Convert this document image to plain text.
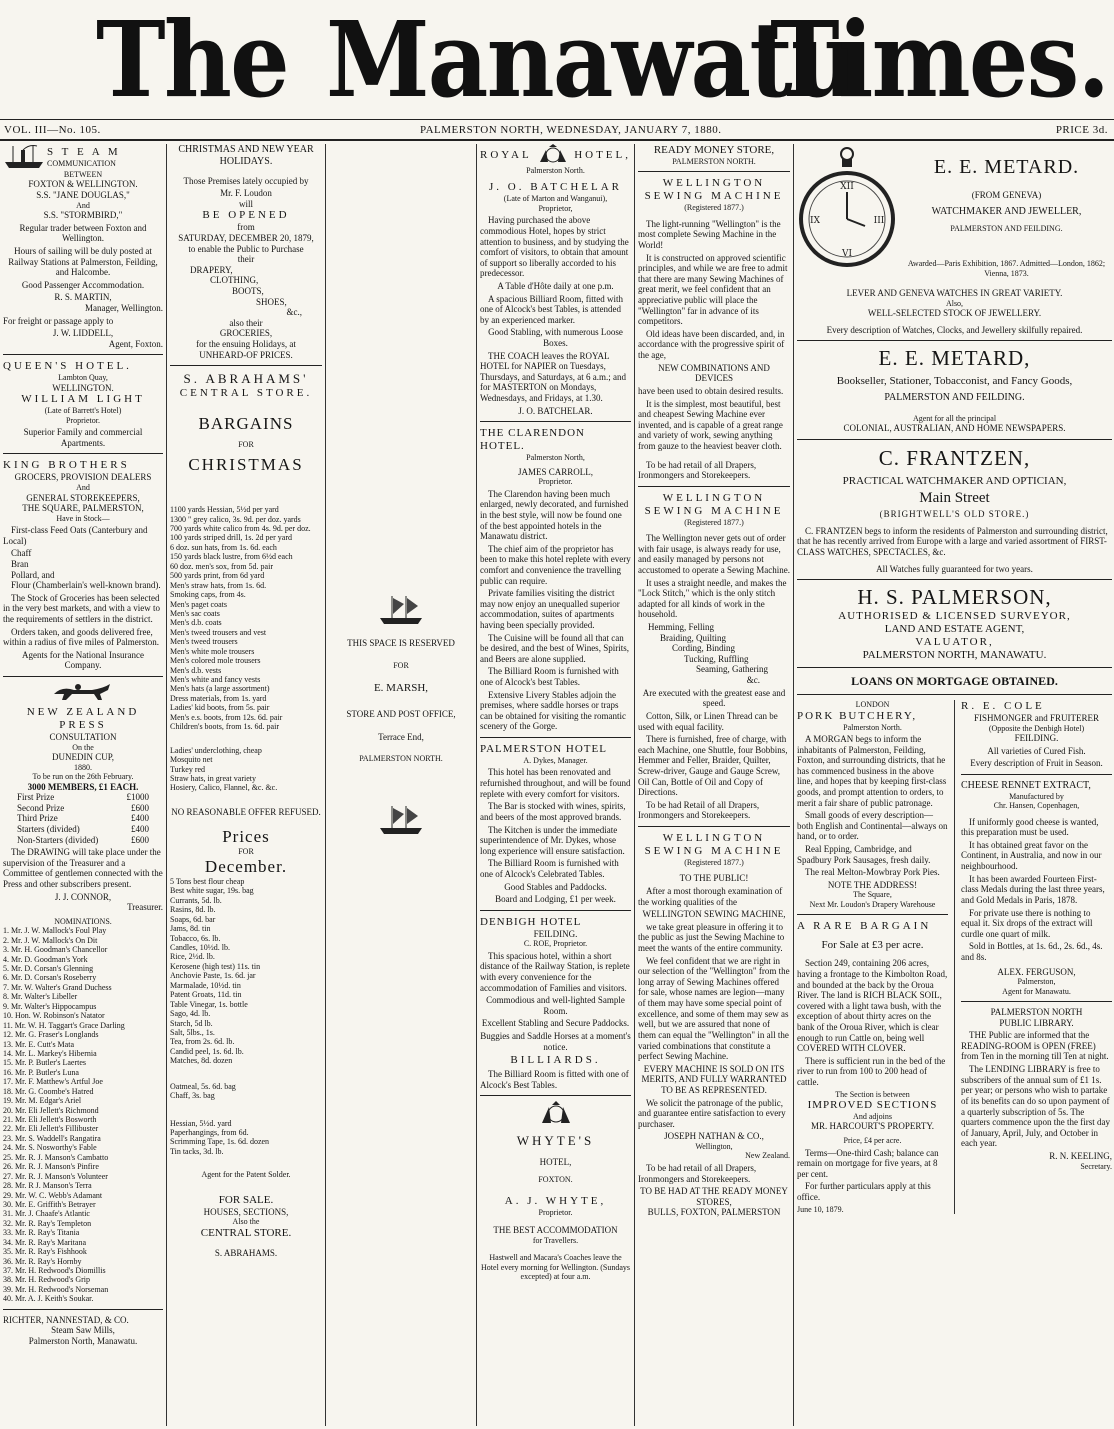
The Manawatu
Times.
VOL. III—No. 105.	PALMERSTON NORTH, WEDNESDAY, JANUARY 7, 1880.	PRICE 3d.
S T E A M
COMMUNICATION
BETWEEN
FOXTON & WELLINGTON.
S.S. "JANE DOUGLAS,"
And
S.S. "STORMBIRD,"

Regular trader between Foxton and Wellington.

Hours of sailing will be duly posted at Railway Stations at Palmerston, Feilding, and Halcombe.

Good Passenger Accommodation.

R. S. MARTIN,
Manager, Wellington.

For freight or passage apply to

J. W. LIDDELL,
Agent, Foxton.
QUEEN'S HOTEL.
Lambton Quay,
WELLINGTON.
WILLIAM LIGHT
(Late of Barrett's Hotel)
Proprietor.

Superior Family and commercial Apartments.

KING BROTHERS
GROCERS, PROVISION DEALERS
And
GENERAL STOREKEEPERS,
THE SQUARE, PALMERSTON,
Have in Stock—

First-class Feed Oats (Canterbury and Local)

Chaff
Bran
Pollard, and
Flour (Chamberlain's well-known brand).

The Stock of Groceries has been selected in the very best markets, and with a view to the requirements of settlers in the district.

Orders taken, and goods delivered free, within a radius of five miles of Palmerston.

Agents for the National Insurance Company.

NEW ZEALAND PRESS
CONSULTATION
On the
DUNEDIN CUP,
1880.
To be run on the 26th February.
3000 MEMBERS, £1 EACH.
First Prize	£1000
Second Prize	£600
Third Prize	£400
Starters (divided)	£400
Non-Starters (divided)	£600

The DRAWING will take place under the supervision of the Treasurer and a Committee of gentlemen connected with the Press and other subscribers present.

J. J. CONNOR,
Treasurer.
NOMINATIONS.
1. Mr. J. W. Mallock's Foul Play
2. Mr. J. W. Mallock's On Dit
3. Mr. H. Goodman's Chancellor
4. Mr. D. Goodman's York
5. Mr. D. Corsan's Glenning
6. Mr. D. Corsan's Roseberry
7. Mr. W. Walter's Grand Duchess
8. Mr. Walter's Libeller
9. Mr. Walter's Hippocampus
10. Hon. W. Robinson's Natator
11. Mr. W. H. Taggart's Grace Darling
12. Mr. G. Fraser's Longlands
13. Mr. E. Cutt's Mata
14. Mr. L. Markey's Hibernia
15. Mr. P. Butler's Laertes
16. Mr. P. Butler's Luna
17. Mr. F. Matthew's Artful Joe
18. Mr. G. Coombe's Hatred
19. Mr. M. Edgar's Ariel
20. Mr. Eli Jellett's Richmond
21. Mr. Eli Jellett's Bosworth
22. Mr. Eli Jellett's Fillibuster
23. Mr. S. Waddell's Rangatira
24. Mr. S. Nosworthy's Fable
25. Mr. R. J. Manson's Cambatto
26. Mr. R. J. Manson's Pinfire
27. Mr. R. J. Manson's Volunteer
28. Mr. R J. Manson's Terra
29. Mr. W. C. Webb's Adamant
30. Mr. E. Griffith's Betrayer
31. Mr. J. Chaafe's Atlantic
32. Mr. R. Ray's Templeton
33. Mr. R. Ray's Titania
34. Mr. R. Ray's Maritana
35. Mr. R. Ray's Fishhook
36. Mr. R. Ray's Hornby
37. Mr. H. Redwood's Diomillis
38. Mr. H. Redwood's Grip
39. Mr. H. Redwood's Norseman
40. Mr. A. J. Keith's Soukar.
RICHTER, NANNESTAD, & CO.
Steam Saw Mills,
Palmerston North, Manawatu.
CHRISTMAS AND NEW YEAR HOLIDAYS.

Those Premises lately occupied by

Mr. F. Loudon
will
BE OPENED
from
SATURDAY, DECEMBER 20, 1879,
to enable the Public to Purchase
their
DRAPERY,
CLOTHING,
BOOTS,
SHOES,
&c.,
also their
GROCERIES,
for the ensuing Holidays, at
UNHEARD-OF PRICES.
S. ABRAHAMS'
CENTRAL STORE.
BARGAINS
FOR
CHRISTMAS
1100 yards Hessian, 5½d per yard
1300 " grey calico, 3s. 9d. per doz. yards
700 yards white calico from 4s. 9d. per doz.
100 yards striped drill, 1s. 2d per yard
6 doz. sun hats, from 1s. 6d. each
150 yards black lustre, from 6½d each
60 doz. men's sox, from 5d. pair
500 yards print, from 6d yard
Men's straw hats, from 1s. 6d.
Smoking caps, from 4s.
Men's paget coats
Men's sac coats
Men's d.b. coats
Men's tweed trousers and vest
Men's tweed trousers
Men's white mole trousers
Men's colored mole trousers
Men's d.b. vests
Men's white and fancy vests
Men's hats (a large assortment)
Dress materials, from 1s. yard
Ladies' kid boots, from 5s. pair
Men's e.s. boots, from 12s. 6d. pair
Children's boots, from 1s. 6d. pair
Ladies' underclothing, cheap
Mosquito net
Turkey red
Straw hats, in great variety
Hosiery, Calico, Flannel, &c. &c.

NO REASONABLE OFFER REFUSED.

Prices
FOR
December.
5 Tons best flour cheap
Best white sugar, 19s. bag
Currants, 5d. lb.
Rasins, 8d. lb.
Soaps, 6d. bar
Jams, 8d. tin
Tobacco, 6s. lb.
Candles, 10½d. lb.
Rice, 2½d. lb.
Kerosene (high test) 11s. tin
Anchovie Paste, 1s. 6d. jar
Marmalade, 10½d. tin
Patent Groats, 11d. tin
Table Vinegar, 1s. bottle
Sago, 4d. lb.
Starch, 5d lb.
Salt, 5lbs., 1s.
Tea, from 2s. 6d. lb.
Candid peel, 1s. 6d. lb.
Matches, 8d. dozen
Oatmeal, 5s. 6d. bag
Chaff, 3s. bag
Hessian, 5½d. yard
Paperhangings, from 6d.
Scrimming Tape, 1s. 6d. dozen
Tin tacks, 3d. lb.
Agent for the Patent Solder.
FOR SALE.
HOUSES, SECTIONS,
Also the
CENTRAL STORE.
S. ABRAHAMS.
THIS SPACE IS RESERVED
FOR
E. MARSH,
STORE AND POST OFFICE,
Terrace End,
PALMERSTON NORTH.
ROYAL	HOTEL,
Palmerston North.
J. O. BATCHELAR
(Late of Marton and Wanganui),
Proprietor,

Having purchased the above commodious Hotel, hopes by strict attention to business, and by studying the comfort of visitors, to obtain that amount of support so liberally accorded to his predecessor.

A Table d'Hôte daily at one p.m.

A spacious Billiard Room, fitted with one of Alcock's best Tables, is attended by an experienced marker.

Good Stabling, with numerous Loose Boxes.

THE COACH leaves the ROYAL HOTEL for NAPIER on Tuesdays, Thursdays, and Saturdays, at 6 a.m.; and for MASTERTON on Mondays, Wednesdays, and Fridays, at 1.30.

J. O. BATCHELAR.
THE CLARENDON HOTEL.
Palmerston North,
JAMES CARROLL,
Proprietor.

The Clarendon having been much enlarged, newly decorated, and furnished in the best style, will now be found one of the best appointed hotels in the Manawatu district.

The chief aim of the proprietor has been to make this hotel replete with every comfort and convenience the travelling public can require.

Private families visiting the district may now enjoy an unequalled superior accommodation, suites of apartments having been specially provided.

The Cuisine will be found all that can be desired, and the best of Wines, Spirits, and Beers are alone supplied.

The Billiard Room is furnished with one of Alcock's best Tables.

Extensive Livery Stables adjoin the premises, where saddle horses or traps can be obtained for visiting the romantic scenery of the Gorge.

PALMERSTON HOTEL
A. Dykes, Manager.

This hotel has been renovated and refurnished throughout, and will be found replete with every comfort for visitors.

The Bar is stocked with wines, spirits, and beers of the most approved brands.

The Kitchen is under the immediate superintendence of Mr. Dykes, whose long experience will ensure satisfaction.

The Billiard Room is furnished with one of Alcock's Celebrated Tables.

Good Stables and Paddocks.

Board and Lodging, £1 per week.

DENBIGH HOTEL
FEILDING.
C. ROE, Proprietor.

This spacious hotel, within a short distance of the Railway Station, is replete with every convenience for the accommodation of Families and visitors.

Commodious and well-lighted Sample Room.

Excellent Stabling and Secure Paddocks.

Buggies and Saddle Horses at a moment's notice.

BILLIARDS.

The Billiard Room is fitted with one of Alcock's Best Tables.

WHYTE'S
HOTEL,
FOXTON.
A. J. WHYTE,
Proprietor.
THE BEST ACCOMMODATION
for Travellers.

Hastwell and Macara's Coaches leave the Hotel every morning for Wellington. (Sundays excepted) at four a.m.

READY MONEY STORE,
PALMERSTON NORTH.
WELLINGTON
SEWING MACHINE
(Registered 1877.)

The light-running "Wellington" is the most complete Sewing Machine in the World!

It is constructed on approved scientific principles, and while we are free to admit that there are many Sewing Machines of great merit, we feel confident that an appreciative public will place the "Wellington" far in advance of its competitors.

Old ideas have been discarded, and, in accordance with the progressive spirit of the age,

NEW COMBINATIONS AND DEVICES

have been used to obtain desired results.

It is the simplest, most beautiful, best and cheapest Sewing Machine ever invented, and is capable of a great range and variety of work, sewing anything from gauze to the heaviest beaver cloth.

To be had retail of all Drapers, Ironmongers and Storekeepers.

WELLINGTON
SEWING MACHINE
(Registered 1877.)

The Wellington never gets out of order with fair usage, is always ready for use, and easily managed by persons not accustomed to operate a Sewing Machine.

It uses a straight needle, and makes the "Lock Stitch," which is the only stitch adapted for all kinds of work in the household.

Hemming, Felling
Braiding, Quilting
Cording, Binding
Tucking, Ruffling
Seaming, Gathering
&c.

Are executed with the greatest ease and speed.

Cotton, Silk, or Linen Thread can be used with equal facility.

There is furnished, free of charge, with each Machine, one Shuttle, four Bobbins, Hemmer and Feller, Braider, Quilter, Screw-driver, Gauge and Gauge Screw, Oil Can, Bottle of Oil and Copy of Directions.

To be had Retail of all Drapers, Ironmongers and Storekeepers.

WELLINGTON
SEWING MACHINE
(Registered 1877.)
TO THE PUBLIC!

After a most thorough examination of the working qualities of the

WELLINGTON SEWING MACHINE,

we take great pleasure in offering it to the public as just the Sewing Machine to meet the wants of the entire community.

We feel confident that we are right in our selection of the "Wellington" from the long array of Sewing Machines offered for sale, whose names are legion—many of them may have some special point of excellence, and some of them may sew as well, but we are assured that none of them can equal the "Wellington" in all the varied combinations that constitute a perfect Sewing Machine.

EVERY MACHINE IS SOLD ON ITS MERITS, AND FULLY WARRANTED TO BE AS REPRESENTED.

We solicit the patronage of the public, and guarantee entire satisfaction to every purchaser.

JOSEPH NATHAN & CO.,
Wellington,
New Zealand.

To be had retail of all Drapers, Ironmongers and Storekeepers.

TO BE HAD AT THE READY MONEY STORES,
BULLS, FOXTON, PALMERSTON
XII
VI
IX	III
E. E. METARD.
(FROM GENEVA)
WATCHMAKER AND JEWELLER,
PALMERSTON AND FEILDING.

Awarded—Paris Exhibition, 1867. Admitted—London, 1862; Vienna, 1873.

LEVER AND GENEVA WATCHES IN GREAT VARIETY.
Also,
WELL-SELECTED STOCK OF JEWELLERY.

Every description of Watches, Clocks, and Jewellery skilfully repaired.

E. E. METARD,
Bookseller, Stationer, Tobacconist, and Fancy Goods,
PALMERSTON AND FEILDING.
Agent for all the principal
COLONIAL, AUSTRALIAN, AND HOME NEWSPAPERS.
C. FRANTZEN,
PRACTICAL WATCHMAKER AND OPTICIAN,
Main Street
(BRIGHTWELL'S OLD STORE.)

C. FRANTZEN begs to inform the residents of Palmerston and surrounding district, that he has recently arrived from Europe with a large and varied assortment of FIRST-CLASS WATCHES, SPECTACLES, &c.

All Watches fully guaranteed for two years.

H. S. PALMERSON,
AUTHORISED & LICENSED SURVEYOR,
LAND AND ESTATE AGENT,
VALUATOR,
PALMERSTON NORTH, MANAWATU.
LOANS ON MORTGAGE OBTAINED.
LONDON
PORK BUTCHERY,
Palmerston North.

A MORGAN begs to inform the inhabitants of Palmerston, Feilding, Foxton, and surrounding districts, that he has commenced business in the above line, and hopes that by keeping first-class goods, and prompt attention to orders, to merit a fair share of public patronage.

Small goods of every description—both English and Continental—always on hand, or to order.

Real Epping, Cambridge, and Spadbury Pork Sausages, fresh daily.

The real Melton-Mowbray Pork Pies.

NOTE THE ADDRESS!
The Square,
Next Mr. Loudon's Drapery Warehouse
A RARE BARGAIN
For Sale at £3 per acre.

Section 249, containing 206 acres, having a frontage to the Kimbolton Road, and bounded at the back by the Oroua River. The land is RICH BLACK SOIL, covered with a light tawa bush, with the exception of about thirty acres on the bank of the Oroua River, which is clear enough to run Cattle on, being well COVERED WITH CLOVER.

There is sufficient run in the bed of the river to run from 100 to 200 head of cattle.

The Section is between
IMPROVED SECTIONS
And adjoins
MR. HARCOURT'S PROPERTY.
Price, £4 per acre.

Terms—One-third Cash; balance can remain on mortgage for five years, at 8 per cent.

For further particulars apply at this office.

June 10, 1879.
R. E. COLE
FISHMONGER and FRUITERER
(Opposite the Denbigh Hotel)
FEILDING.

All varieties of Cured Fish.

Every description of Fruit in Season.
CHEESE RENNET EXTRACT,
Manufactured by
Chr. Hansen, Copenhagen,

If uniformly good cheese is wanted, this preparation must be used.

It has obtained great favor on the Continent, in Australia, and now in our neighbourhood.

It has been awarded Fourteen First-class Medals during the last three years, and Gold Medals in Paris, 1878.

For private use there is nothing to equal it. Six drops of the extract will curdle one quart of milk.

Sold in Bottles, at 1s. 6d., 2s. 6d., 4s. and 8s.

ALEX. FERGUSON,
Palmerston,
Agent for Manawatu.
PALMERSTON NORTH
PUBLIC LIBRARY.

THE Public are informed that the READING-ROOM is OPEN (FREE) from Ten in the morning till Ten at night.

The LENDING LIBRARY is free to subscribers of the annual sum of £1 1s. per year; or persons who wish to partake of its benefits can do so upon payment of a quarterly subscription of 5s. The quarters commence upon the the first day of January, April, July, and October in each year.

R. N. KEELING,
Secretary.
